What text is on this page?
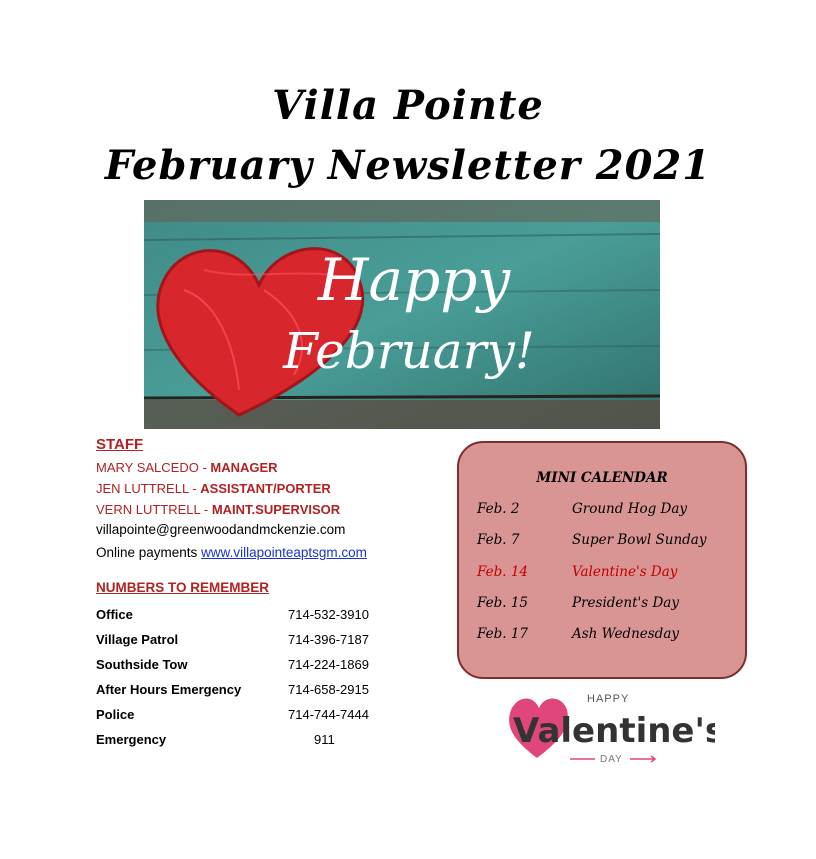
Villa Pointe
February Newsletter 2021
Happy
February!
STAFF
MARY SALCEDO - MANAGER
JEN LUTTRELL - ASSISTANT/PORTER
VERN LUTTRELL - MAINT.SUPERVISOR
villapointe@greenwoodandmckenzie.com
Online payments www.villapointeaptsgm.com
NUMBERS TO REMEMBER
Office	714-532-3910
Village Patrol	714-396-7187
Southside Tow	714-224-1869
After Hours Emergency	714-658-2915
Police	714-744-7444
Emergency	911
MINI CALENDAR
Feb. 2	Ground Hog Day
Feb. 7	Super Bowl Sunday
Feb. 14	Valentine's Day
Feb. 15	President's Day
Feb. 17	Ash Wednesday
HAPPY
Valentine's
DAY
